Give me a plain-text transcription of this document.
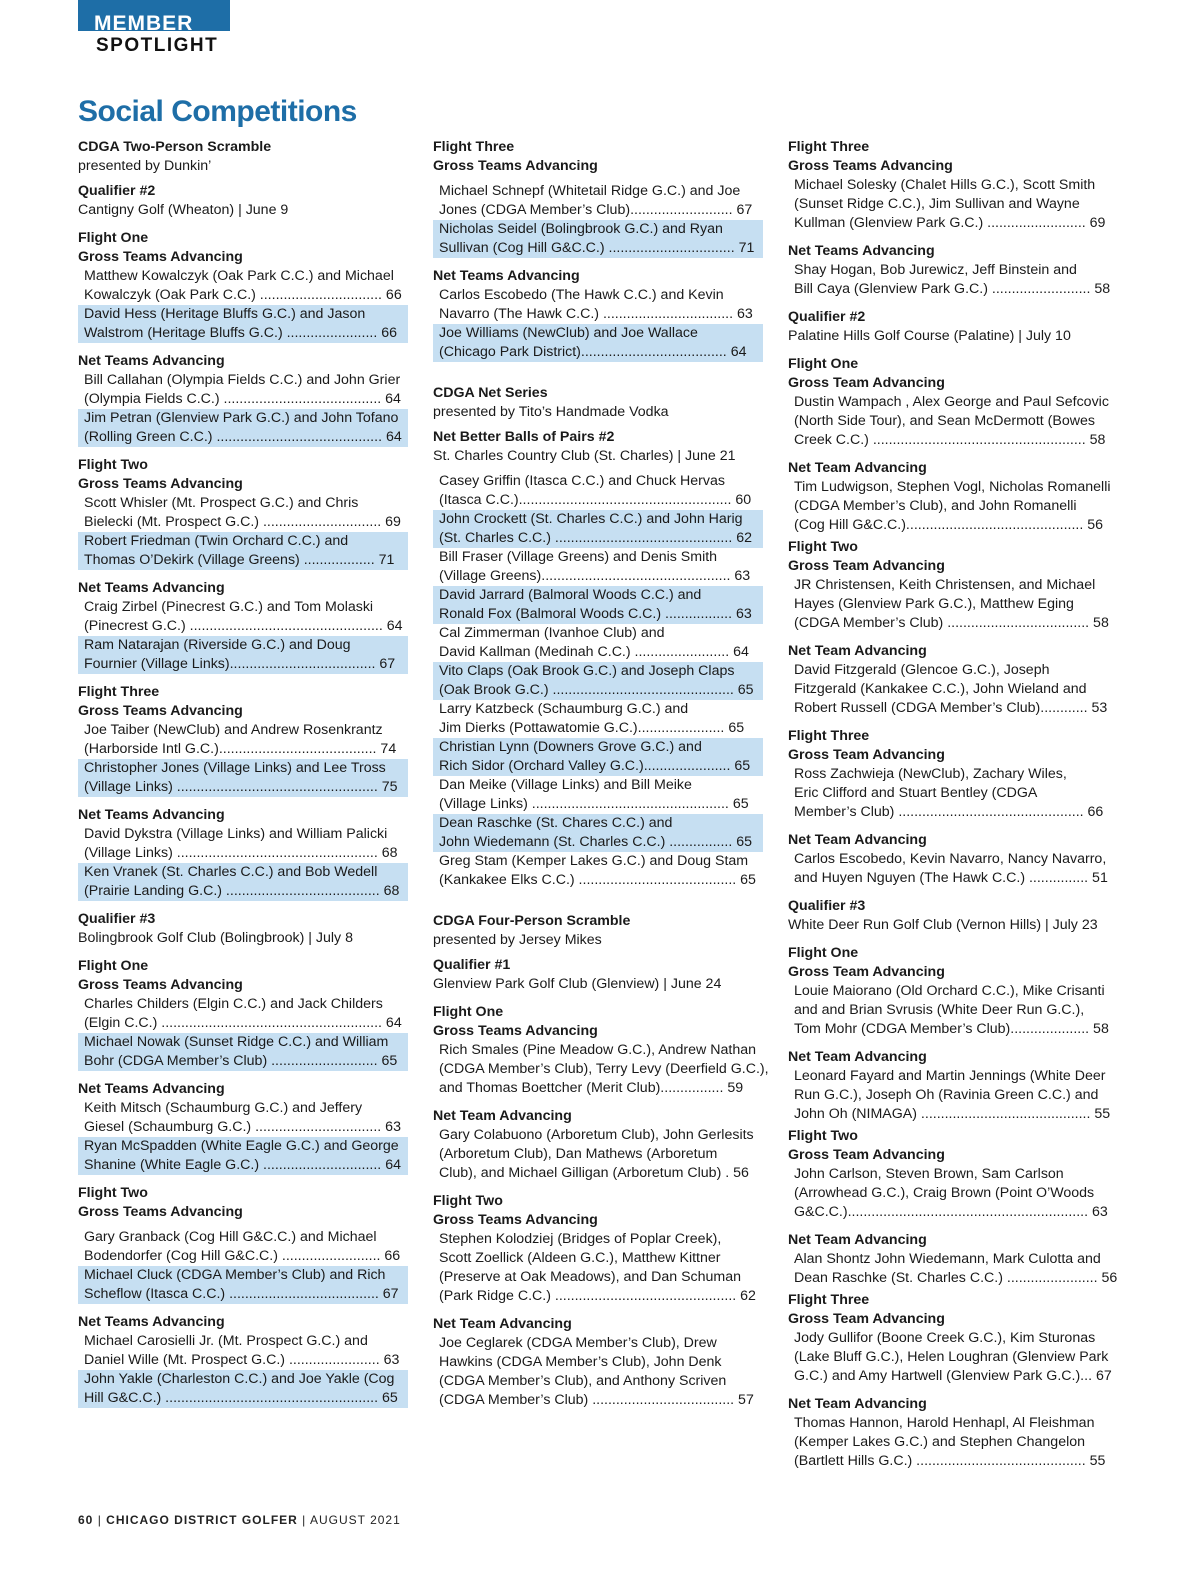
MEMBER
SPOTLIGHT
Social Competitions
CDGA Two-Person Scramble
presented by Dunkin’
Qualifier #2
Cantigny Golf (Wheaton) | June 9
Flight One
Gross Teams Advancing
Matthew Kowalczyk (Oak Park C.C.) and Michael
Kowalczyk (Oak Park C.C.) ............................... 66
David Hess (Heritage Bluffs G.C.) and Jason
Walstrom (Heritage Bluffs G.C.) ....................... 66
Net Teams Advancing
Bill Callahan (Olympia Fields C.C.) and John Grier
(Olympia Fields C.C.) ........................................ 64
Jim Petran (Glenview Park G.C.) and John Tofano
(Rolling Green C.C.) .......................................... 64
Flight Two
Gross Teams Advancing
Scott Whisler (Mt. Prospect G.C.) and Chris
Bielecki (Mt. Prospect G.C.) .............................. 69
Robert Friedman (Twin Orchard C.C.) and
Thomas O’Dekirk (Village Greens) .................. 71
Net Teams Advancing
Craig Zirbel (Pinecrest G.C.) and Tom Molaski
(Pinecrest G.C.) ................................................. 64
Ram Natarajan (Riverside G.C.) and Doug
Fournier (Village Links)..................................... 67
Flight Three
Gross Teams Advancing
Joe Taiber (NewClub) and Andrew Rosenkrantz
(Harborside Intl G.C.)........................................ 74
Christopher Jones (Village Links) and Lee Tross
(Village Links) ................................................... 75
Net Teams Advancing
David Dykstra (Village Links) and William Palicki
(Village Links) ................................................... 68
Ken Vranek (St. Charles C.C.) and Bob Wedell
(Prairie Landing G.C.) ....................................... 68
Qualifier #3
Bolingbrook Golf Club (Bolingbrook) | July 8
Flight One
Gross Teams Advancing
Charles Childers (Elgin C.C.) and Jack Childers
(Elgin C.C.) ........................................................ 64
Michael Nowak (Sunset Ridge C.C.) and William
Bohr (CDGA Member’s Club) ........................... 65
Net Teams Advancing
Keith Mitsch (Schaumburg G.C.) and Jeffery
Giesel (Schaumburg G.C.) ................................ 63
Ryan McSpadden (White Eagle G.C.) and George
Shanine (White Eagle G.C.) .............................. 64
Flight Two
Gross Teams Advancing
Gary Granback (Cog Hill G&C.C.) and Michael
Bodendorfer (Cog Hill G&C.C.) ......................... 66
Michael Cluck (CDGA Member’s Club) and Rich
Scheflow (Itasca C.C.) ...................................... 67
Net Teams Advancing
Michael Carosielli Jr. (Mt. Prospect G.C.) and
Daniel Wille (Mt. Prospect G.C.) ....................... 63
John Yakle (Charleston C.C.) and Joe Yakle (Cog
Hill G&C.C.) ...................................................... 65
Flight Three
Gross Teams Advancing
Michael Schnepf (Whitetail Ridge G.C.) and Joe
Jones (CDGA Member’s Club).......................... 67
Nicholas Seidel (Bolingbrook G.C.) and Ryan
Sullivan (Cog Hill G&C.C.) ................................ 71
Net Teams Advancing
Carlos Escobedo (The Hawk C.C.) and Kevin
Navarro (The Hawk C.C.) ................................. 63
Joe Williams (NewClub) and Joe Wallace
(Chicago Park District)..................................... 64
CDGA Net Series
presented by Tito’s Handmade Vodka
Net Better Balls of Pairs #2
St. Charles Country Club (St. Charles) | June 21
Casey Griffin (Itasca C.C.) and Chuck Hervas
(Itasca C.C.)...................................................... 60
John Crockett (St. Charles C.C.) and John Harig
(St. Charles C.C.) ............................................. 62
Bill Fraser (Village Greens) and Denis Smith
(Village Greens)................................................ 63
David Jarrard (Balmoral Woods C.C.) and
Ronald Fox (Balmoral Woods C.C.) ................. 63
Cal Zimmerman (Ivanhoe Club) and
David Kallman (Medinah C.C.) ........................ 64
Vito Claps (Oak Brook G.C.) and Joseph Claps
(Oak Brook G.C.) .............................................. 65
Larry Katzbeck (Schaumburg G.C.) and
Jim Dierks (Pottawatomie G.C.)...................... 65
Christian Lynn (Downers Grove G.C.) and
Rich Sidor (Orchard Valley G.C.)...................... 65
Dan Meike (Village Links) and Bill Meike
(Village Links) .................................................. 65
Dean Raschke (St. Chares C.C.) and
John Wiedemann (St. Charles C.C.) ................ 65
Greg Stam (Kemper Lakes G.C.) and Doug Stam
(Kankakee Elks C.C.) ........................................ 65
CDGA Four-Person Scramble
presented by Jersey Mikes
Qualifier #1
Glenview Park Golf Club (Glenview) | June 24
Flight One
Gross Teams Advancing
Rich Smales (Pine Meadow G.C.), Andrew Nathan
(CDGA Member’s Club), Terry Levy (Deerfield G.C.),
and Thomas Boettcher (Merit Club)................ 59
Net Team Advancing
Gary Colabuono (Arboretum Club), John Gerlesits
(Arboretum Club), Dan Mathews (Arboretum
Club), and Michael Gilligan (Arboretum Club) . 56
Flight Two
Gross Teams Advancing
Stephen Kolodziej (Bridges of Poplar Creek),
Scott Zoellick (Aldeen G.C.), Matthew Kittner
(Preserve at Oak Meadows), and Dan Schuman
(Park Ridge C.C.) .............................................. 62
Net Team Advancing
Joe Ceglarek (CDGA Member’s Club), Drew
Hawkins (CDGA Member’s Club), John Denk
(CDGA Member’s Club), and Anthony Scriven
(CDGA Member’s Club) .................................... 57
Flight Three
Gross Teams Advancing
Michael Solesky (Chalet Hills G.C.), Scott Smith
(Sunset Ridge C.C.), Jim Sullivan and Wayne
Kullman (Glenview Park G.C.) ......................... 69
Net Teams Advancing
Shay Hogan, Bob Jurewicz, Jeff Binstein and
Bill Caya (Glenview Park G.C.) ......................... 58
Qualifier #2
Palatine Hills Golf Course (Palatine) | July 10
Flight One
Gross Team Advancing
Dustin Wampach , Alex George and Paul Sefcovic
(North Side Tour), and Sean McDermott (Bowes
Creek C.C.) ...................................................... 58
Net Team Advancing
Tim Ludwigson, Stephen Vogl, Nicholas Romanelli
(CDGA Member’s Club), and John Romanelli
(Cog Hill G&C.C.)............................................. 56
Flight Two
Gross Team Advancing
JR Christensen, Keith Christensen, and Michael
Hayes (Glenview Park G.C.), Matthew Eging
(CDGA Member’s Club) .................................... 58
Net Team Advancing
David Fitzgerald (Glencoe G.C.), Joseph
Fitzgerald (Kankakee C.C.), John Wieland and
Robert Russell (CDGA Member’s Club)............ 53
Flight Three
Gross Team Advancing
Ross Zachwieja (NewClub), Zachary Wiles,
Eric Clifford and Stuart Bentley (CDGA
Member’s Club) ............................................... 66
Net Team Advancing
Carlos Escobedo, Kevin Navarro, Nancy Navarro,
and Huyen Nguyen (The Hawk C.C.) ............... 51
Qualifier #3
White Deer Run Golf Club (Vernon Hills) | July 23
Flight One
Gross Team Advancing
Louie Maiorano (Old Orchard C.C.), Mike Crisanti
and and Brian Svrusis (White Deer Run G.C.),
Tom Mohr (CDGA Member’s Club).................... 58
Net Team Advancing
Leonard Fayard and Martin Jennings (White Deer
Run G.C.), Joseph Oh (Ravinia Green C.C.) and
John Oh (NIMAGA) ........................................... 55
Flight Two
Gross Team Advancing
John Carlson, Steven Brown, Sam Carlson
(Arrowhead G.C.), Craig Brown (Point O’Woods
G&C.C.)............................................................. 63
Net Team Advancing
Alan Shontz John Wiedemann, Mark Culotta and
Dean Raschke (St. Charles C.C.) ....................... 56
Flight Three
Gross Team Advancing
Jody Gullifor (Boone Creek G.C.), Kim Sturonas
(Lake Bluff G.C.), Helen Loughran (Glenview Park
G.C.) and Amy Hartwell (Glenview Park G.C.)... 67
Net Team Advancing
Thomas Hannon, Harold Henhapl, Al Fleishman
(Kemper Lakes G.C.) and Stephen Changelon
(Bartlett Hills G.C.) ........................................... 55
60 | CHICAGO DISTRICT GOLFER | AUGUST 2021
